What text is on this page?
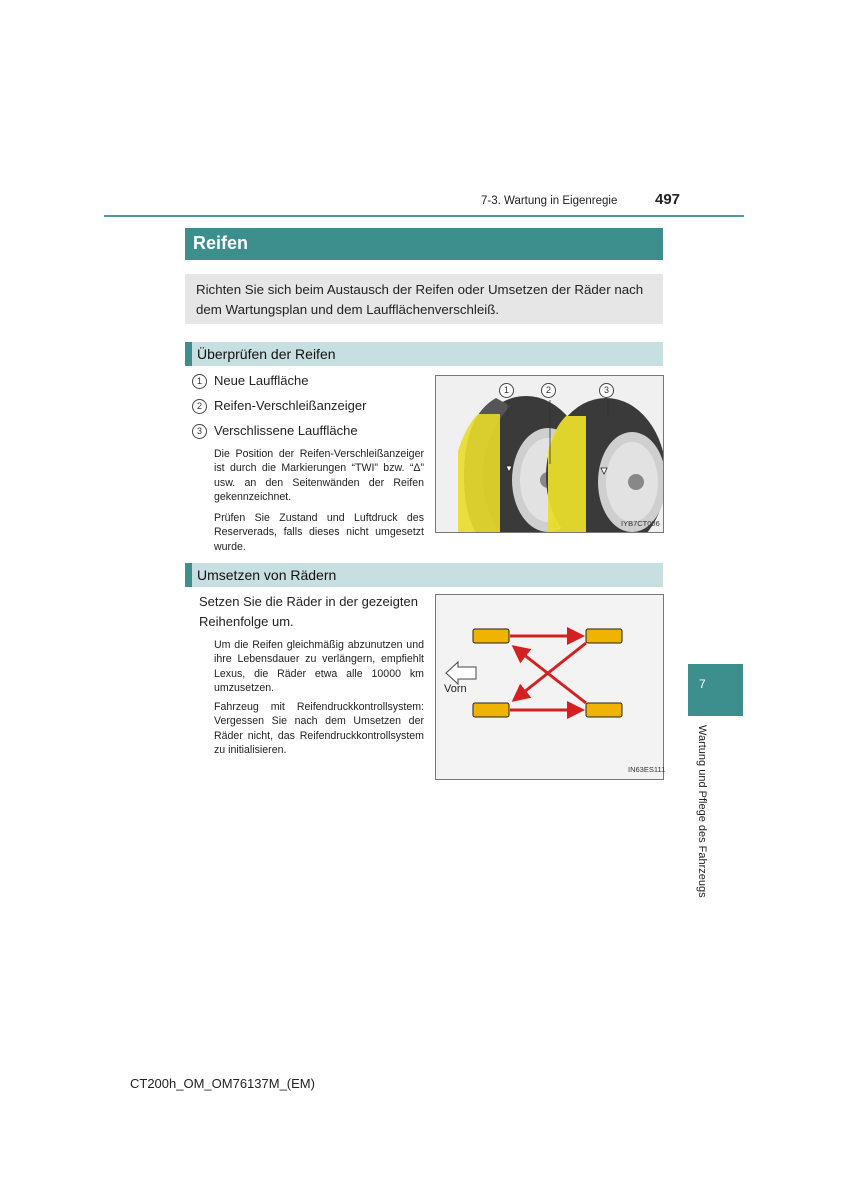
7-3. Wartung in Eigenregie	497
Reifen
Richten Sie sich beim Austausch der Reifen oder Umsetzen der Räder nach dem Wartungsplan und dem Laufflächenverschleiß.
Überprüfen der Reifen
1 Neue Lauffläche
2 Reifen-Verschleißanzeiger
3 Verschlissene Lauffläche
Die Position der Reifen-Verschleißanzeiger ist durch die Markierungen “TWI” bzw. “Δ” usw. an den Seitenwänden der Reifen gekennzeichnet.
Prüfen Sie Zustand und Luftdruck des Reserverads, falls dieses nicht umgesetzt wurde.
1	2	3
IYB7CT006
Umsetzen von Rädern
Setzen Sie die Räder in der gezeigten Reihenfolge um.
Um die Reifen gleichmäßig abzunutzen und ihre Lebensdauer zu verlängern, empfiehlt Lexus, die Räder etwa alle 10000 km umzusetzen.
Fahrzeug mit Reifendruckkontrollsystem: Vergessen Sie nach dem Umsetzen der Räder nicht, das Reifendruckkontrollsystem zu initialisieren.
Vorn
IN63ES111
7
Wartung und Pflege des Fahrzeugs
CT200h_OM_OM76137M_(EM)
